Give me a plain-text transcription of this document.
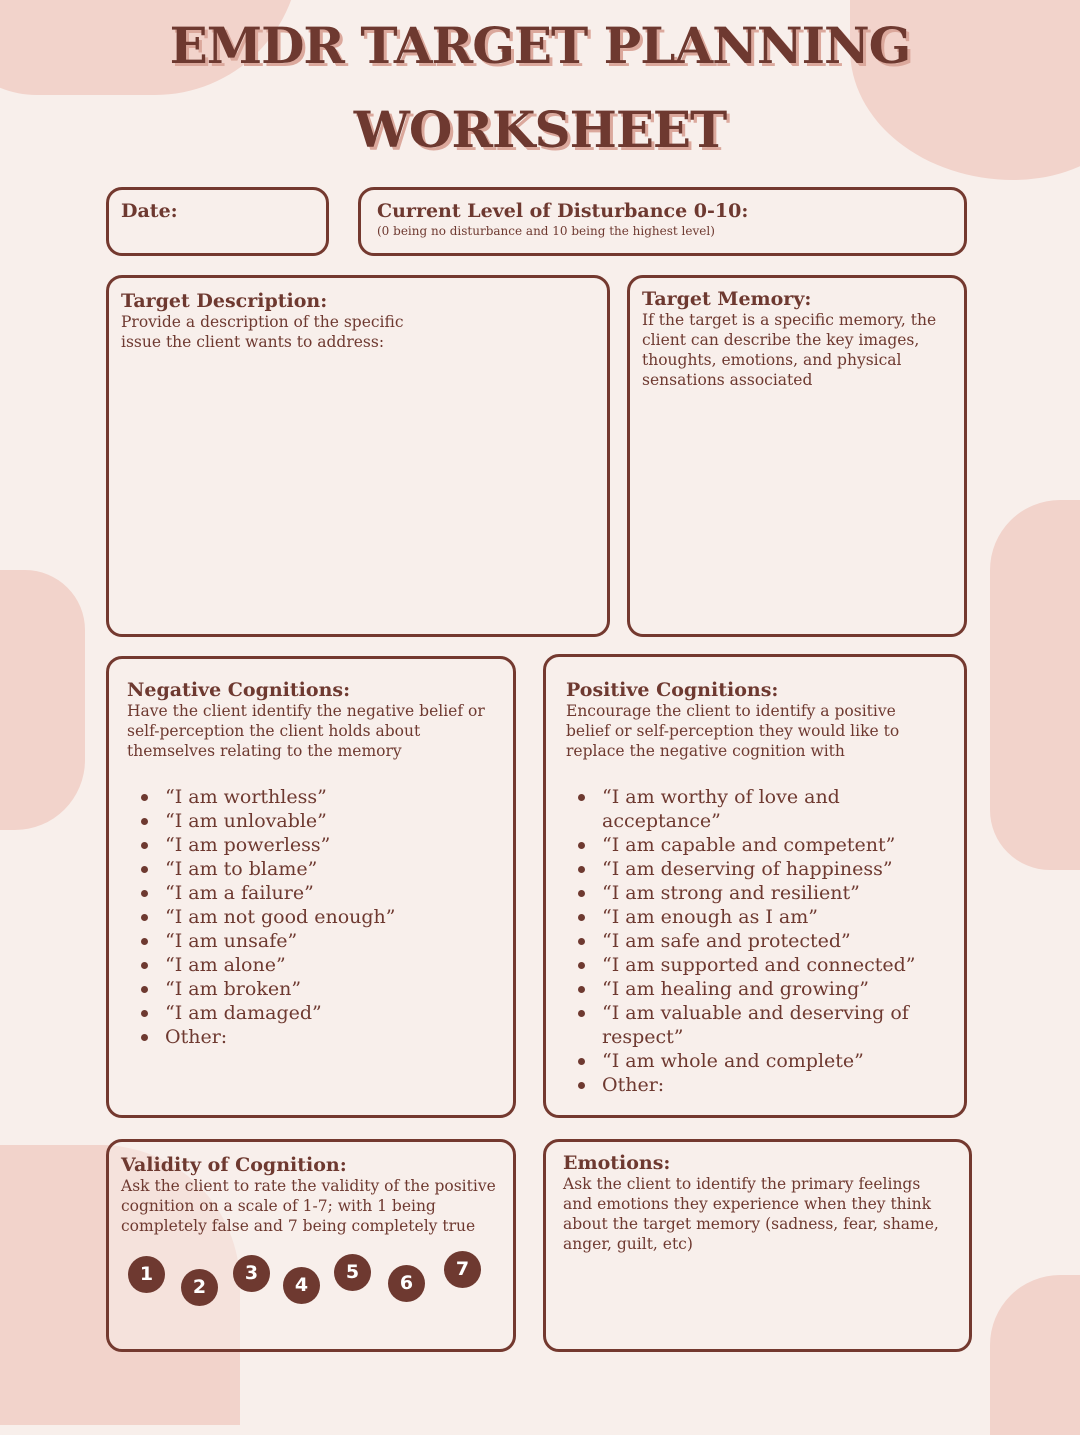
EMDR TARGET PLANNING
WORKSHEET
Date:	Current Level of Disturbance 0-10:
(0 being no disturbance and 10 being the highest level)
Target Description:
Provide a description of the specific
issue the client wants to address:
Target Memory:
If the target is a specific memory, the
client can describe the key images,
thoughts, emotions, and physical
sensations associated
Negative Cognitions:
Have the client identify the negative belief or
self-perception the client holds about
themselves relating to the memory
“I am worthless”
“I am unlovable”
“I am powerless”
“I am to blame”
“I am a failure”
“I am not good enough”
“I am unsafe”
“I am alone”
“I am broken”
“I am damaged”
Other:
Positive Cognitions:
Encourage the client to identify a positive
belief or self-perception they would like to
replace the negative cognition with
“I am worthy of love and
acceptance”
“I am capable and competent”
“I am deserving of happiness”
“I am strong and resilient”
“I am enough as I am”
“I am safe and protected”
“I am supported and connected”
“I am healing and growing”
“I am valuable and deserving of
respect”
“I am whole and complete”
Other:
Validity of Cognition:
Ask the client to rate the validity of the positive
cognition on a scale of 1-7; with 1 being
completely false and 7 being completely true
1
2
3
4
5	6
7
Emotions:
Ask the client to identify the primary feelings
and emotions they experience when they think
about the target memory (sadness, fear, shame,
anger, guilt, etc)
